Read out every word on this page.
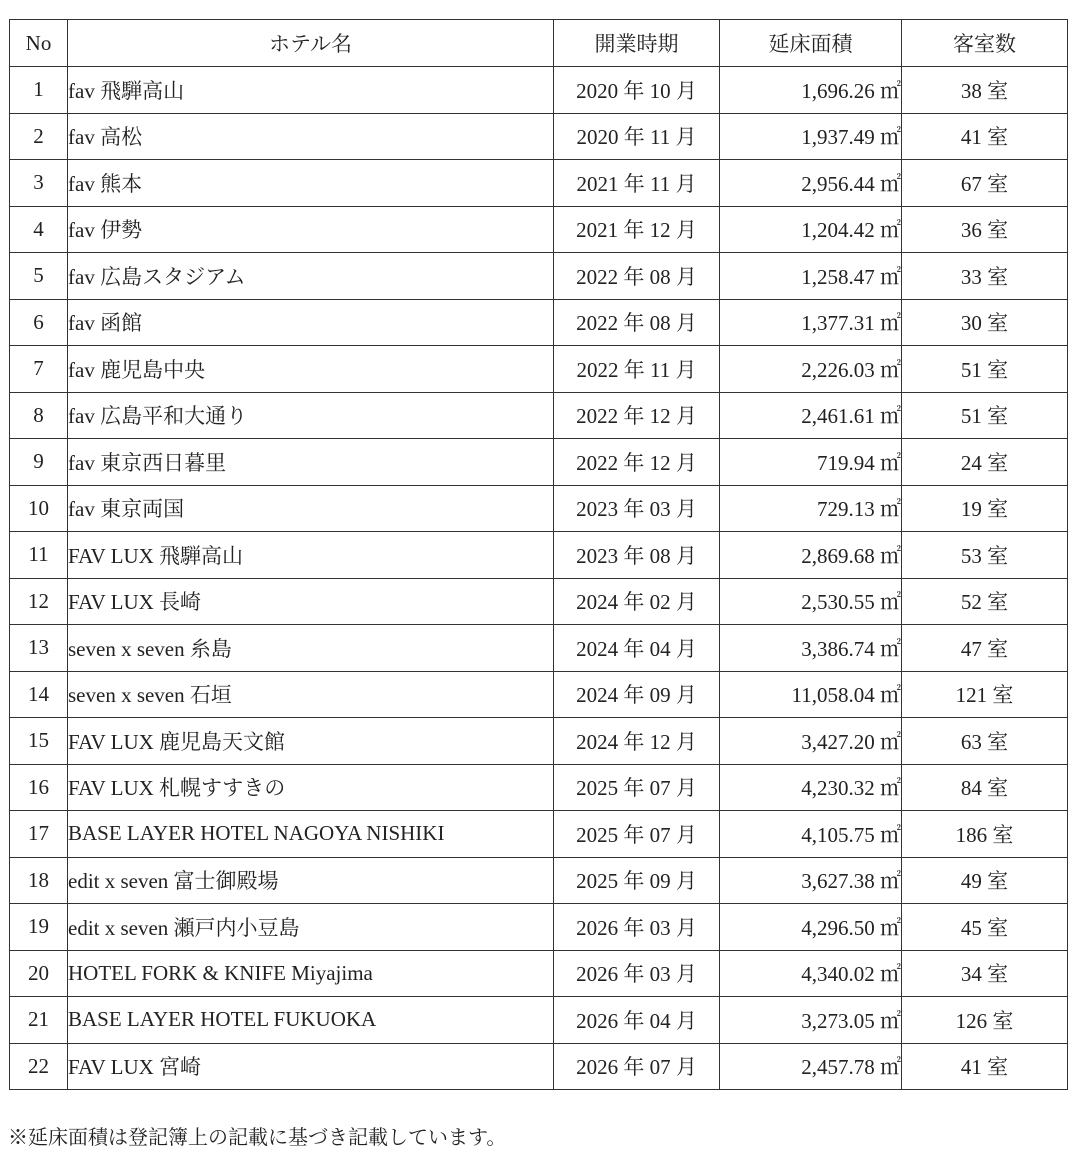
No	ホテル名	開業時期	延床面積	客室数
1	fav 飛騨高山	2020 年 10 月	1,696.26 ㎡	38 室
2	fav 高松	2020 年 11 月	1,937.49 ㎡	41 室
3	fav 熊本	2021 年 11 月	2,956.44 ㎡	67 室
4	fav 伊勢	2021 年 12 月	1,204.42 ㎡	36 室
5	fav 広島スタジアム	2022 年 08 月	1,258.47 ㎡	33 室
6	fav 函館	2022 年 08 月	1,377.31 ㎡	30 室
7	fav 鹿児島中央	2022 年 11 月	2,226.03 ㎡	51 室
8	fav 広島平和大通り	2022 年 12 月	2,461.61 ㎡	51 室
9	fav 東京西日暮里	2022 年 12 月	719.94 ㎡	24 室
10	fav 東京両国	2023 年 03 月	729.13 ㎡	19 室
11	FAV LUX 飛騨高山	2023 年 08 月	2,869.68 ㎡	53 室
12	FAV LUX 長崎	2024 年 02 月	2,530.55 ㎡	52 室
13	seven x seven 糸島	2024 年 04 月	3,386.74 ㎡	47 室
14	seven x seven 石垣	2024 年 09 月	11,058.04 ㎡	121 室
15	FAV LUX 鹿児島天文館	2024 年 12 月	3,427.20 ㎡	63 室
16	FAV LUX 札幌すすきの	2025 年 07 月	4,230.32 ㎡	84 室
17	BASE LAYER HOTEL NAGOYA NISHIKI	2025 年 07 月	4,105.75 ㎡	186 室
18	edit x seven 富士御殿場	2025 年 09 月	3,627.38 ㎡	49 室
19	edit x seven 瀬戸内小豆島	2026 年 03 月	4,296.50 ㎡	45 室
20	HOTEL FORK & KNIFE Miyajima	2026 年 03 月	4,340.02 ㎡	34 室
21	BASE LAYER HOTEL FUKUOKA	2026 年 04 月	3,273.05 ㎡	126 室
22	FAV LUX 宮崎	2026 年 07 月	2,457.78 ㎡	41 室
※延床面積は登記簿上の記載に基づき記載しています。
